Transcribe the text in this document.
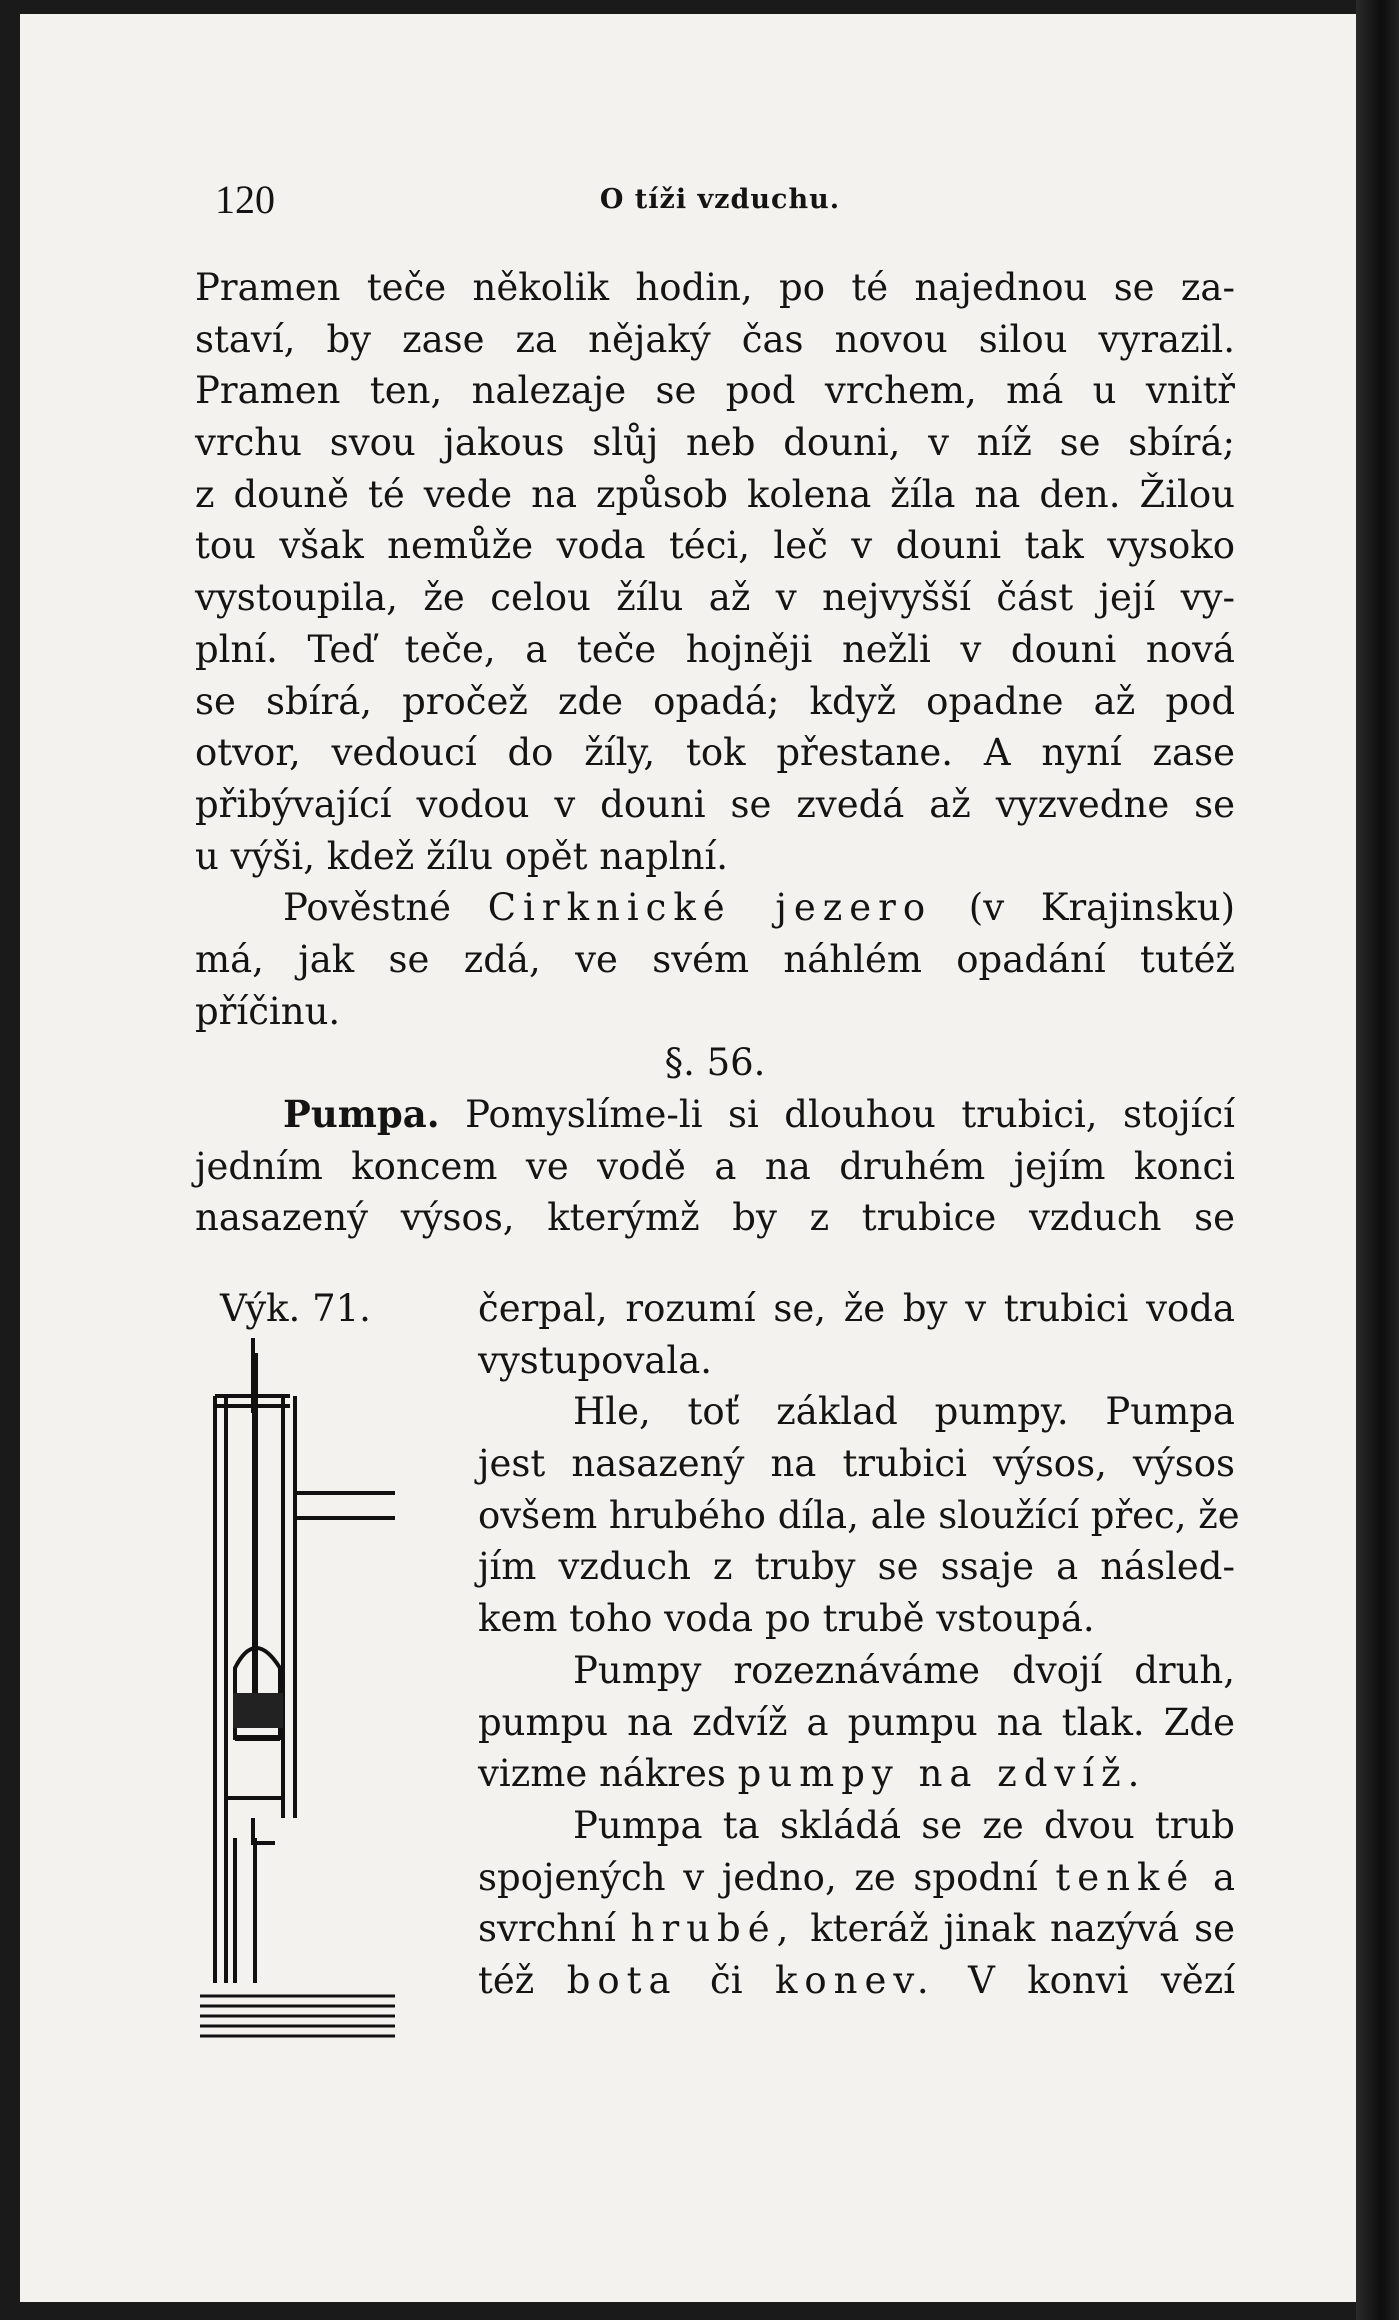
120	O tíži vzduchu.
Pramen teče několik hodin, po té najednou se za-
staví, by zase za nějaký čas novou silou vyrazil.
Pramen ten, nalezaje se pod vrchem, má u vnitř
vrchu svou jakous slůj neb douni, v níž se sbírá;
z douně té vede na způsob kolena žíla na den. Žilou
tou však nemůže voda téci, leč v douni tak vysoko
vystoupila, že celou žílu až v nejvyšší část její vy-
plní. Teď teče, a teče hojněji nežli v douni nová
se sbírá, pročež zde opadá; když opadne až pod
otvor, vedoucí do žíly, tok přestane. A nyní zase
přibývající vodou v douni se zvedá až vyzvedne se
u výši, kdež žílu opět naplní.
Pověstné Cirknické jezero (v Krajinsku)
má, jak se zdá, ve svém náhlém opadání tutéž
příčinu.
§. 56.
Pumpa. Pomyslíme-li si dlouhou trubici, stojící
jedním koncem ve vodě a na druhém jejím konci
nasazený výsos, kterýmž by z trubice vzduch se
Výk. 71.	čerpal, rozumí se, že by v trubici voda
vystupovala.
Hle, toť základ pumpy. Pumpa
jest nasazený na trubici výsos, výsos
ovšem hrubého díla, ale sloužící přec, že
jím vzduch z truby se ssaje a násled-
kem toho voda po trubě vstoupá.
Pumpy rozeznáváme dvojí druh,
pumpu na zdvíž a pumpu na tlak. Zde
vizme nákres pumpy na zdvíž.
Pumpa ta skládá se ze dvou trub
spojených v jedno, ze spodní tenké a
svrchní hrubé, kteráž jinak nazývá se
též bota či konev. V konvi vězí
